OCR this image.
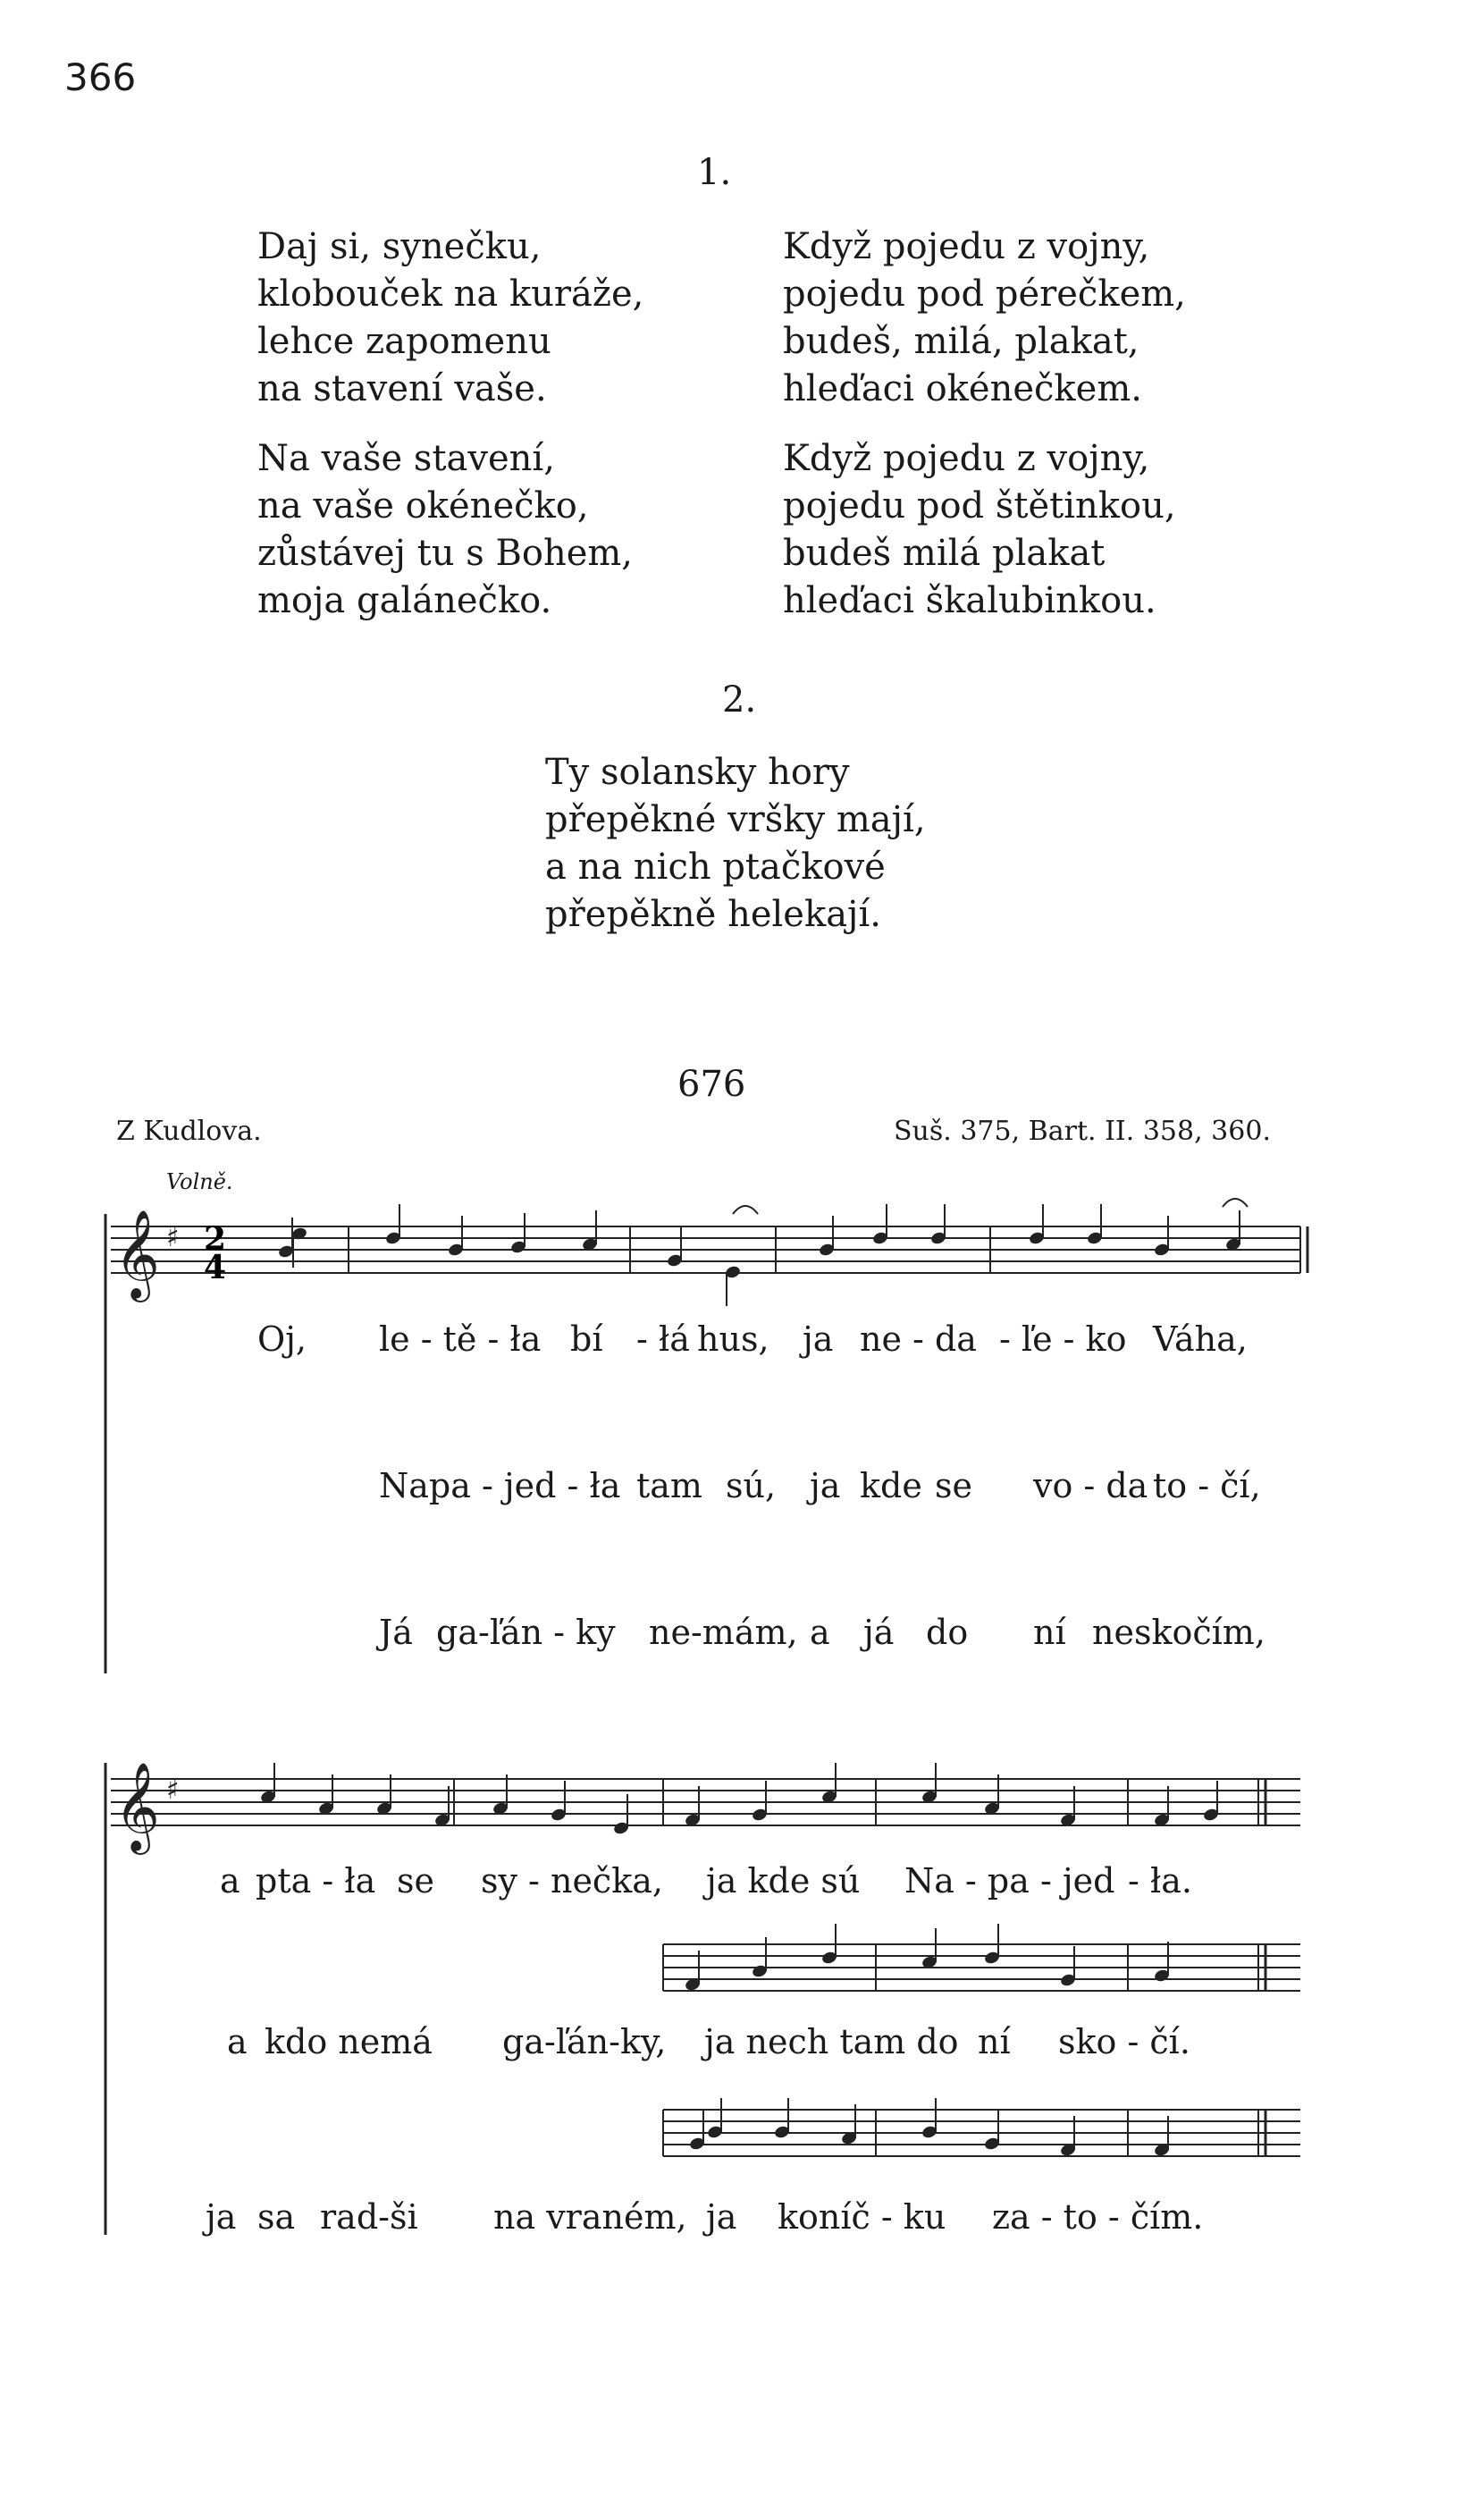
366
1.
Daj si, synečku,
klobouček na kuráže,
lehce zapomenu
na stavení vaše.
Na vaše stavení,
na vaše okénečko,
zůstávej tu s Bohem,
moja galánečko.
Když pojedu z vojny,
pojedu pod pérečkem,
budeš, milá, plakat,
hleďaci okénečkem.
Když pojedu z vojny,
pojedu pod štětinkou,
budeš milá plakat
hleďaci škalubinkou.
2.
Ty solansky hory
přepěkné vršky mají,
a na nich ptačkové
přepěkně helekají.
676
Z Kudlova.	Suš. 375, Bart. II. 358, 360.
Volně.
𝄞 ♯
𝄞 ♯
2
4
Oj, le - tě - ła bí - łá hus, ja ne - da - ľe - ko Váha,
Napa - jed - ła tam sú, ja kde se vo - da to - čí,
Já ga-ľán - ky ne-mám, a já do ní neskočím,
a pta - ła se sy - nečka, ja kde sú Na - pa - jed - ła.
a kdo nemá ga-ľán-ky, ja nech tam do ní sko - čí.
ja sa rad-ši na vraném, ja koníč - ku za - to - čím.
